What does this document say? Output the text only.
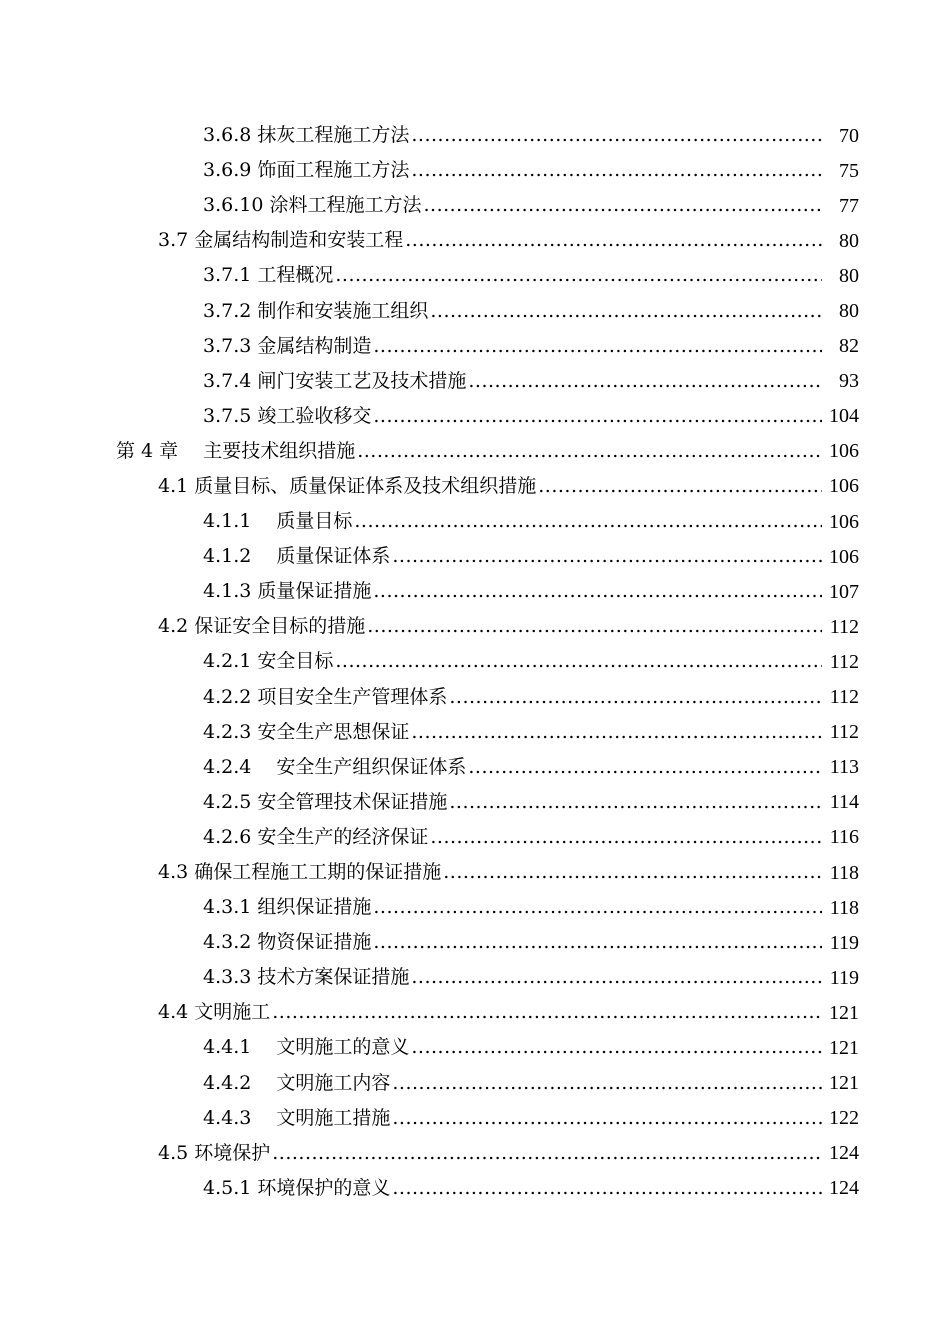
3.6.8 抹灰工程施工方法 .....	70
3.6.9 饰面工程施工方法 .....	75
3.6.10 涂料工程施工方法 .....	77
3.7 金属结构制造和安装工程 .....	80
3.7.1 工程概况 .....	80
3.7.2 制作和安装施工组织 .....	80
3.7.3 金属结构制造 .....	82
3.7.4 闸门安装工艺及技术措施 .....	93
3.7.5 竣工验收移交 .....	104
第 4 章　 主要技术组织措施 .....	106
4.1 质量目标、质量保证体系及技术组织措施 .....	106
4.1.1　 质量目标 .....	106
4.1.2　 质量保证体系 .....	106
4.1.3 质量保证措施 .....	107
4.2 保证安全目标的措施 .....	112
4.2.1 安全目标 .....	112
4.2.2 项目安全生产管理体系 .....	112
4.2.3 安全生产思想保证 .....	112
4.2.4　 安全生产组织保证体系 .....	113
4.2.5 安全管理技术保证措施 .....	114
4.2.6 安全生产的经济保证 .....	116
4.3 确保工程施工工期的保证措施 .....	118
4.3.1 组织保证措施 .....	118
4.3.2 物资保证措施 .....	119
4.3.3 技术方案保证措施 .....	119
4.4 文明施工 .....	121
4.4.1　 文明施工的意义 .....	121
4.4.2　 文明施工内容 .....	121
4.4.3　 文明施工措施 .....	122
4.5 环境保护 .....	124
4.5.1 环境保护的意义 .....	124
